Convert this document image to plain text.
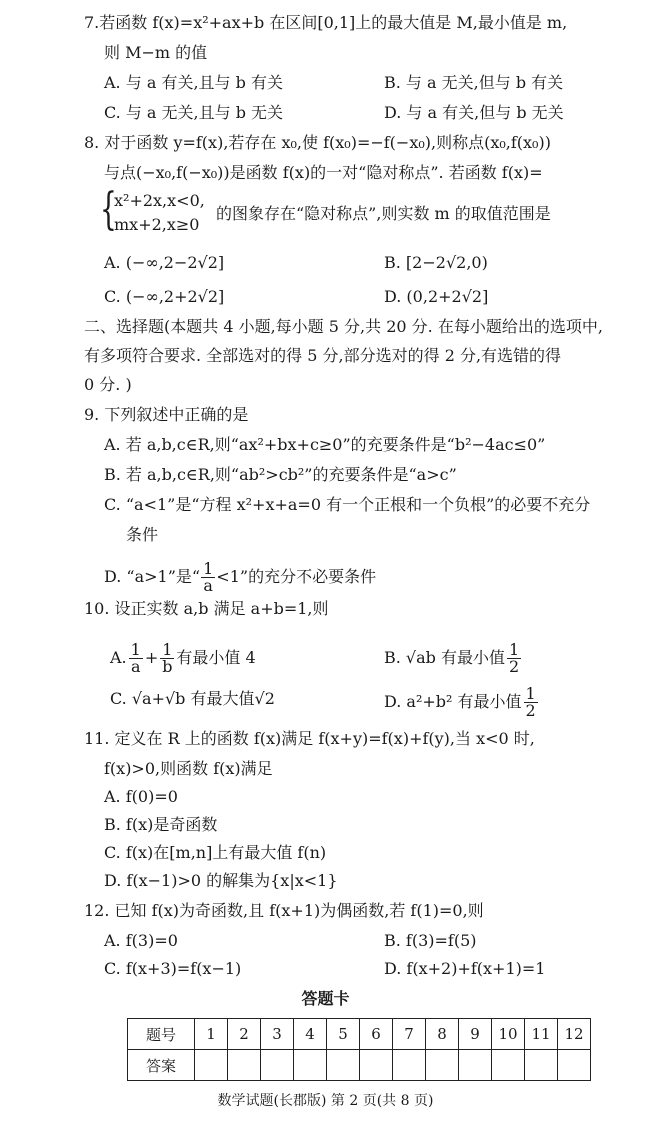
7.若函数 f(x)=x²+ax+b 在区间[0,1]上的最大值是 M,最小值是 m,
则 M−m 的值
A. 与 a 有关,且与 b 有关	B. 与 a 无关,但与 b 有关
C. 与 a 无关,且与 b 无关	D. 与 a 有关,但与 b 无关
8. 对于函数 y=f(x),若存在 x₀,使 f(x₀)=−f(−x₀),则称点(x₀,f(x₀))
与点(−x₀,f(−x₀))是函数 f(x)的一对“隐对称点”. 若函数 f(x)=
{
x²+2x,x<0,
mx+2,x≥0
的图象存在“隐对称点”,则实数 m 的取值范围是
A. (−∞,2−2√2]	B. [2−2√2,0)
C. (−∞,2+2√2]	D. (0,2+2√2]
二、选择题(本题共 4 小题,每小题 5 分,共 20 分. 在每小题给出的选项中,
有多项符合要求. 全部选对的得 5 分,部分选对的得 2 分,有选错的得
0 分. )
9. 下列叙述中正确的是
A. 若 a,b,c∈R,则“ax²+bx+c≥0”的充要条件是“b²−4ac≤0”
B. 若 a,b,c∈R,则“ab²>cb²”的充要条件是“a>c”
C. “a<1”是“方程 x²+x+a=0 有一个正根和一个负根”的必要不充分
条件
D. “a>1”是“ $\frac{1}{a} <1$”的充分不必要条件
10. 设正实数 a,b 满足 a+b=1,则
A. $\frac{1}{a} + \frac{1}{b}$ 有最小值 4	B. √ab 有最小值 $\frac{1}{2}$
C. √a+√b 有最大值√2	D. a²+b² 有最小值 $\frac{1}{2}$
11. 定义在 R 上的函数 f(x)满足 f(x+y)=f(x)+f(y),当 x<0 时,
f(x)>0,则函数 f(x)满足
A. f(0)=0
B. f(x)是奇函数
C. f(x)在[m,n]上有最大值 f(n)
D. f(x−1)>0 的解集为{x|x<1}
12. 已知 f(x)为奇函数,且 f(x+1)为偶函数,若 f(1)=0,则
A. f(3)=0	B. f(3)=f(5)
C. f(x+3)=f(x−1)	D. f(x+2)+f(x+1)=1
答题卡
题号	1	2	3	4	5	6	7	8	9	10	11	12
答案												
数学试题(长郡版) 第 2 页(共 8 页)
